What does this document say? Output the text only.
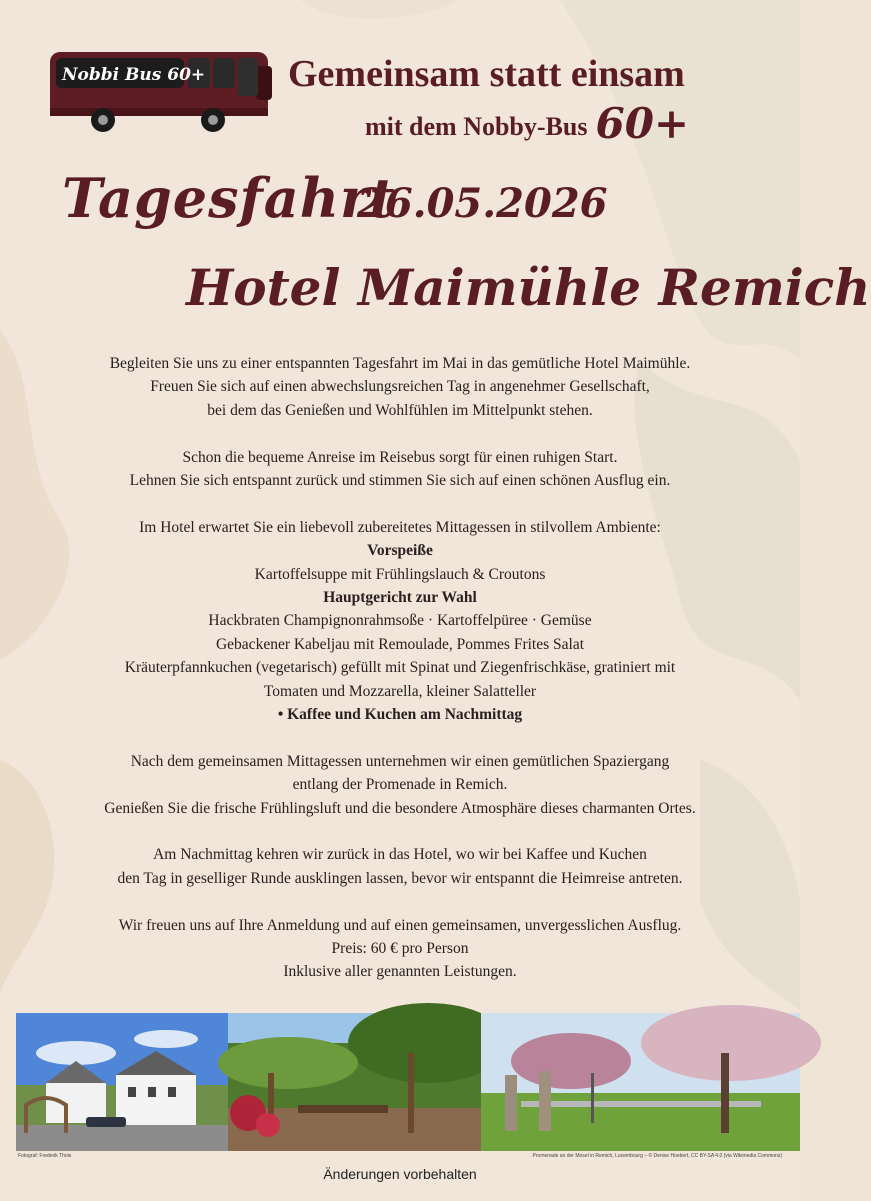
Nobbi Bus 60+ Gemeinsam statt einsam
mit dem Nobby-Bus 60+
Tagesfahrt
26.05.2026
Hotel Maimühle Remich

Begleiten Sie uns zu einer entspannten Tagesfahrt im Mai in das gemütliche Hotel Maimühle.

Freuen Sie sich auf einen abwechslungsreichen Tag in angenehmer Gesellschaft,

bei dem das Genießen und Wohlfühlen im Mittelpunkt stehen.

Schon die bequeme Anreise im Reisebus sorgt für einen ruhigen Start.

Lehnen Sie sich entspannt zurück und stimmen Sie sich auf einen schönen Ausflug ein.

Im Hotel erwartet Sie ein liebevoll zubereitetes Mittagessen in stilvollem Ambiente:

Vorspeiße

Kartoffelsuppe mit Frühlingslauch & Croutons

Hauptgericht zur Wahl

Hackbraten Champignonrahmsoße · Kartoffelpüree · Gemüse

Gebackener Kabeljau mit Remoulade, Pommes Frites Salat

Kräuterpfannkuchen (vegetarisch) gefüllt mit Spinat und Ziegenfrischkäse, gratiniert mit

Tomaten und Mozzarella, kleiner Salatteller

• Kaffee und Kuchen am Nachmittag

Nach dem gemeinsamen Mittagessen unternehmen wir einen gemütlichen Spaziergang

entlang der Promenade in Remich.

Genießen Sie die frische Frühlingsluft und die besondere Atmosphäre dieses charmanten Ortes.

Am Nachmittag kehren wir zurück in das Hotel, wo wir bei Kaffee und Kuchen

den Tag in geselliger Runde ausklingen lassen, bevor wir entspannt die Heimreise antreten.

Wir freuen uns auf Ihre Anmeldung und auf einen gemeinsamen, unvergesslichen Ausflug.

Preis: 60 € pro Person

Inklusive aller genannten Leistungen.

Fotograf: Frederik Thois	Promenade an der Mosel in Remich, Luxembourg – © Denise Hoebert, CC BY-SA 4.0 (via Wikimedia Commons)
Änderungen vorbehalten
